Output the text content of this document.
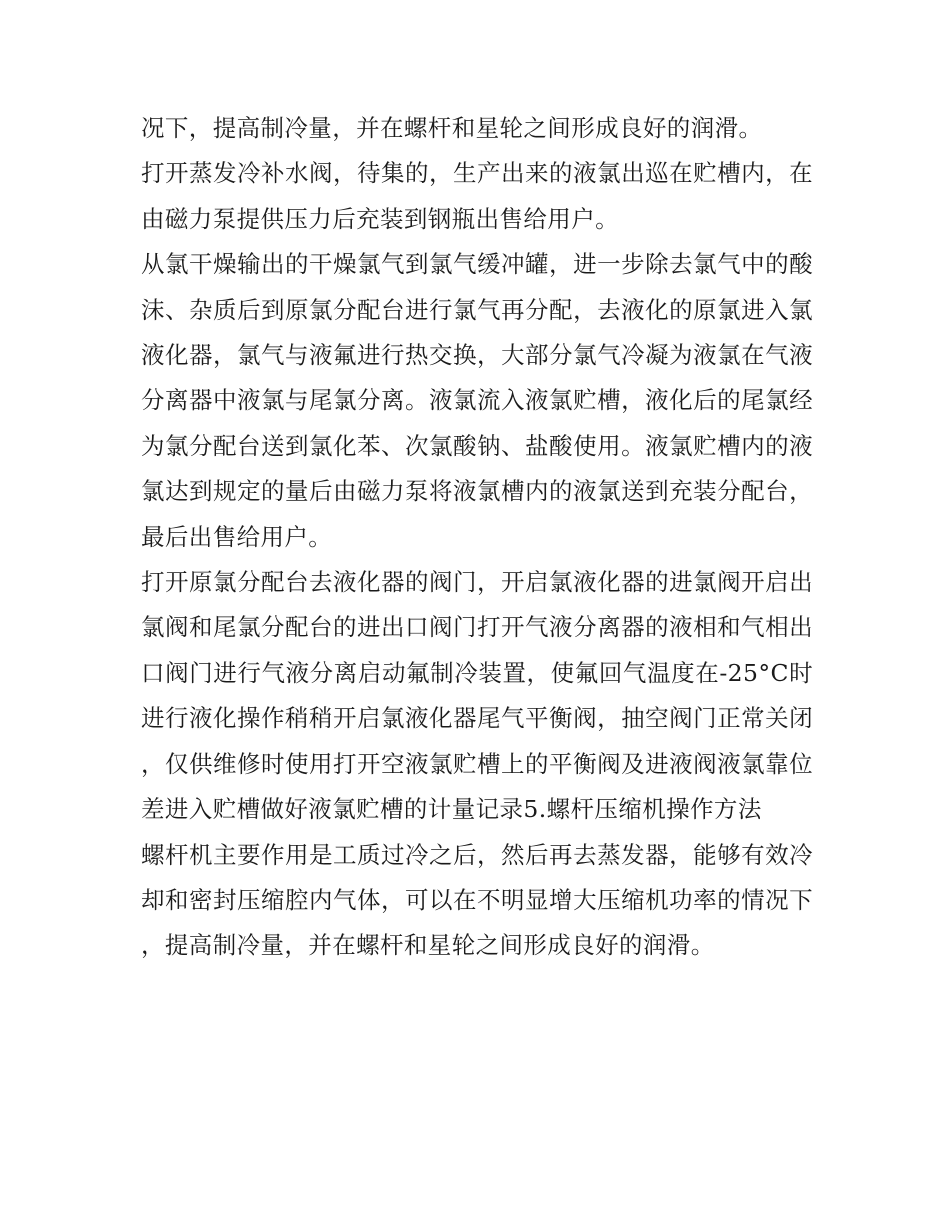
况下，提高制冷量，并在螺杆和星轮之间形成良好的润滑。

打开蒸发冷补水阀，待集的，生产出来的液氯出巡在贮槽内，在由磁力泵提供压力后充装到钢瓶出售给用户。

从氯干燥输出的干燥氯气到氯气缓冲罐，进一步除去氯气中的酸沫、杂质后到原氯分配台进行氯气再分配，去液化的原氯进入氯液化器，氯气与液氟进行热交换，大部分氯气冷凝为液氯在气液分离器中液氯与尾氯分离。液氯流入液氯贮槽，液化后的尾氯经为氯分配台送到氯化苯、次氯酸钠、盐酸使用。液氯贮槽内的液氯达到规定的量后由磁力泵将液氯槽内的液氯送到充装分配台，最后出售给用户。

打开原氯分配台去液化器的阀门，开启氯液化器的进氯阀开启出氯阀和尾氯分配台的进出口阀门打开气液分离器的液相和气相出口阀门进行气液分离启动氟制冷装置，使氟回气温度在-25°C时进行液化操作稍稍开启氯液化器尾气平衡阀，抽空阀门正常关闭，仅供维修时使用打开空液氯贮槽上的平衡阀及进液阀液氯靠位差进入贮槽做好液氯贮槽的计量记录5.螺杆压缩机操作方法

螺杆机主要作用是工质过冷之后，然后再去蒸发器，能够有效冷却和密封压缩腔内气体，可以在不明显增大压缩机功率的情况下，提高制冷量，并在螺杆和星轮之间形成良好的润滑。
